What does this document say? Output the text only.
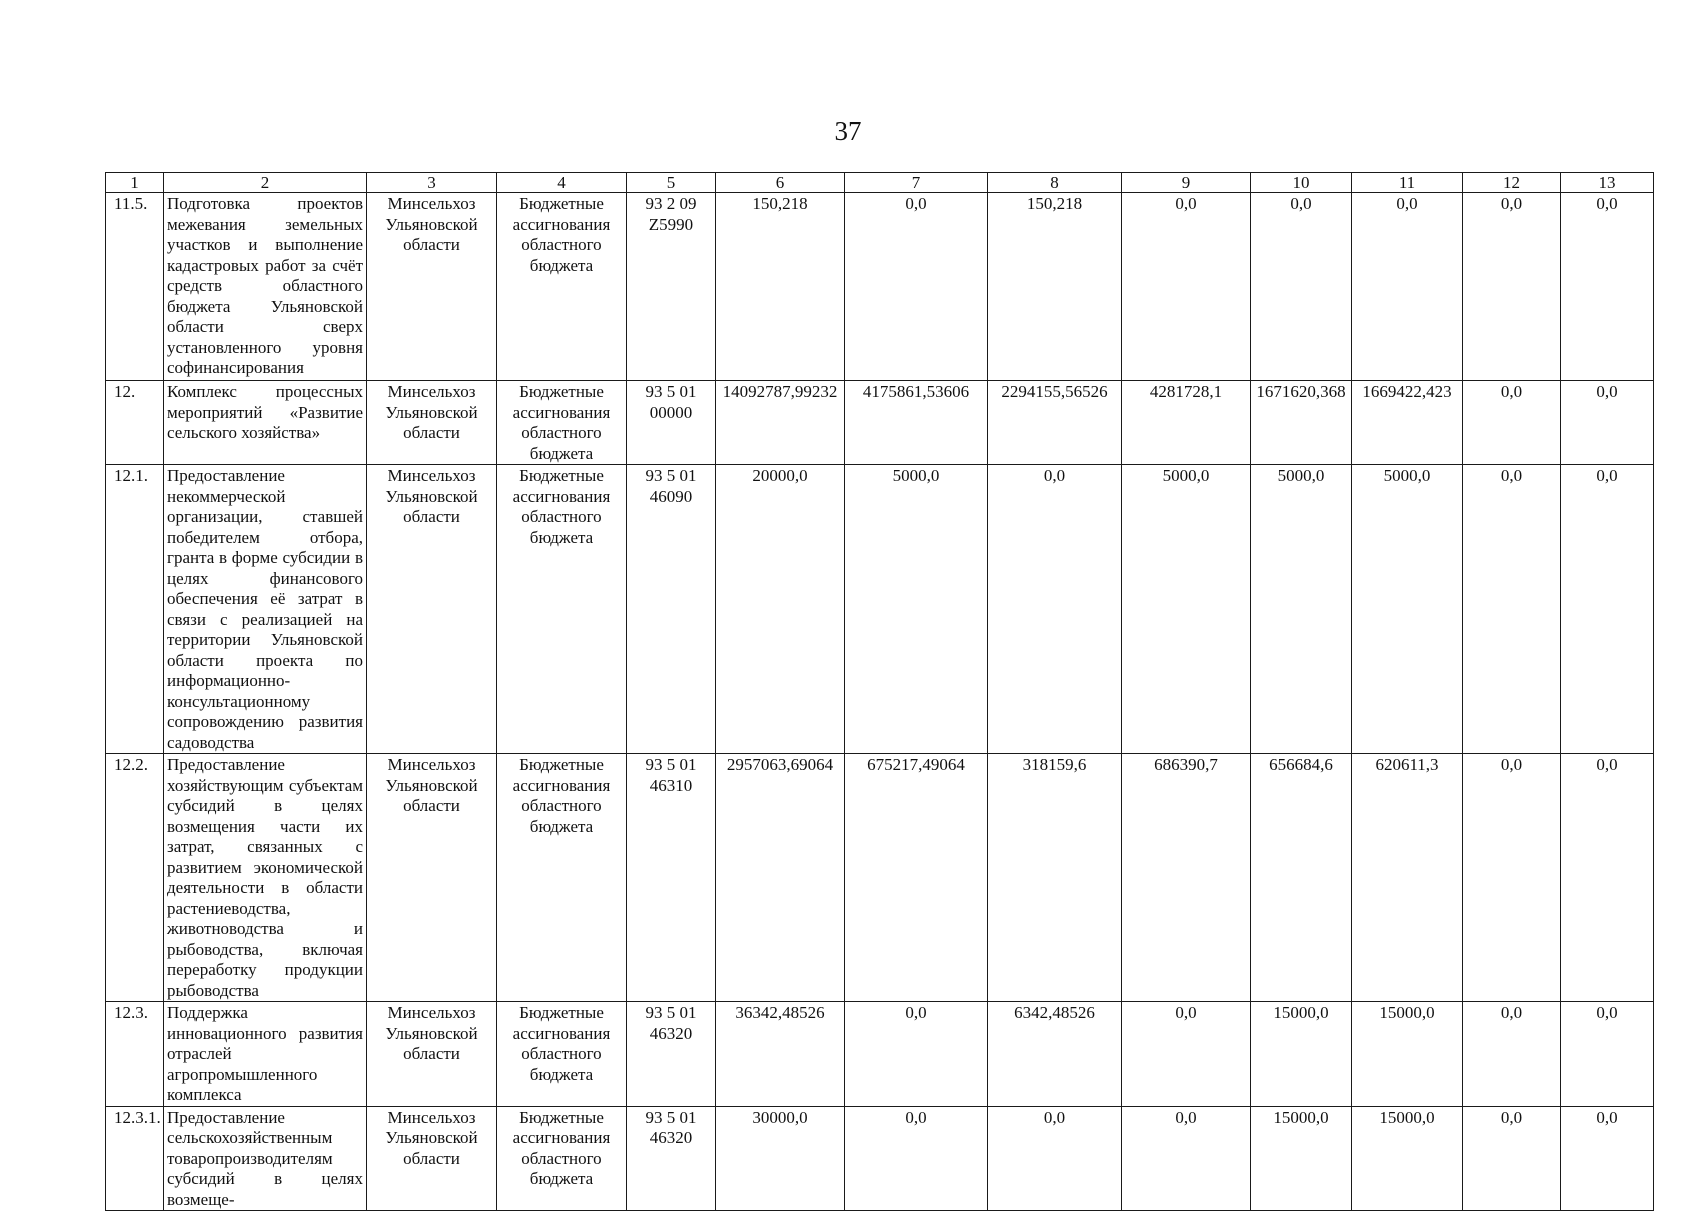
37
1	2	3	4	5	6	7	8	9	10	11	12	13
11.5.	Подготовка проектов межевания земельных участков и выполнение кадастровых работ за счёт средств областного бюджета Ульяновской области сверх установленного уровня софинансирования	Минсельхоз Ульяновской области	Бюджетные ассигнования областного бюджета	93 2 09 Z5990	150,218	0,0	150,218	0,0	0,0	0,0	0,0	0,0
12.	Комплекс процессных мероприятий «Развитие сельского хозяйства»	Минсельхоз Ульяновской области	Бюджетные ассигнования областного бюджета	93 5 01 00000	14092787,99232	4175861,53606	2294155,56526	4281728,1	1671620,368	1669422,423	0,0	0,0
12.1.	Предоставление некоммерческой организации, ставшей победителем отбора, гранта в форме субсидии в целях финансового обеспечения её затрат в связи с реализацией на территории Ульяновской области проекта по информационно-консультационному сопровождению развития садоводства	Минсельхоз Ульяновской области	Бюджетные ассигнования областного бюджета	93 5 01 46090	20000,0	5000,0	0,0	5000,0	5000,0	5000,0	0,0	0,0
12.2.	Предоставление хозяйствующим субъектам субсидий в целях возмещения части их затрат, связанных с развитием экономической деятельности в области растениеводства, животноводства и рыбоводства, включая переработку продукции рыбоводства	Минсельхоз Ульяновской области	Бюджетные ассигнования областного бюджета	93 5 01 46310	2957063,69064	675217,49064	318159,6	686390,7	656684,6	620611,3	0,0	0,0
12.3.	Поддержка инновационного развития отраслей агропромышленного комплекса	Минсельхоз Ульяновской области	Бюджетные ассигнования областного бюджета	93 5 01 46320	36342,48526	0,0	6342,48526	0,0	15000,0	15000,0	0,0	0,0
12.3.1.	Предоставление сельскохозяйственным товаропроизводителям субсидий в целях возмеще-	Минсельхоз Ульяновской области	Бюджетные ассигнования областного бюджета	93 5 01 46320	30000,0	0,0	0,0	0,0	15000,0	15000,0	0,0	0,0
